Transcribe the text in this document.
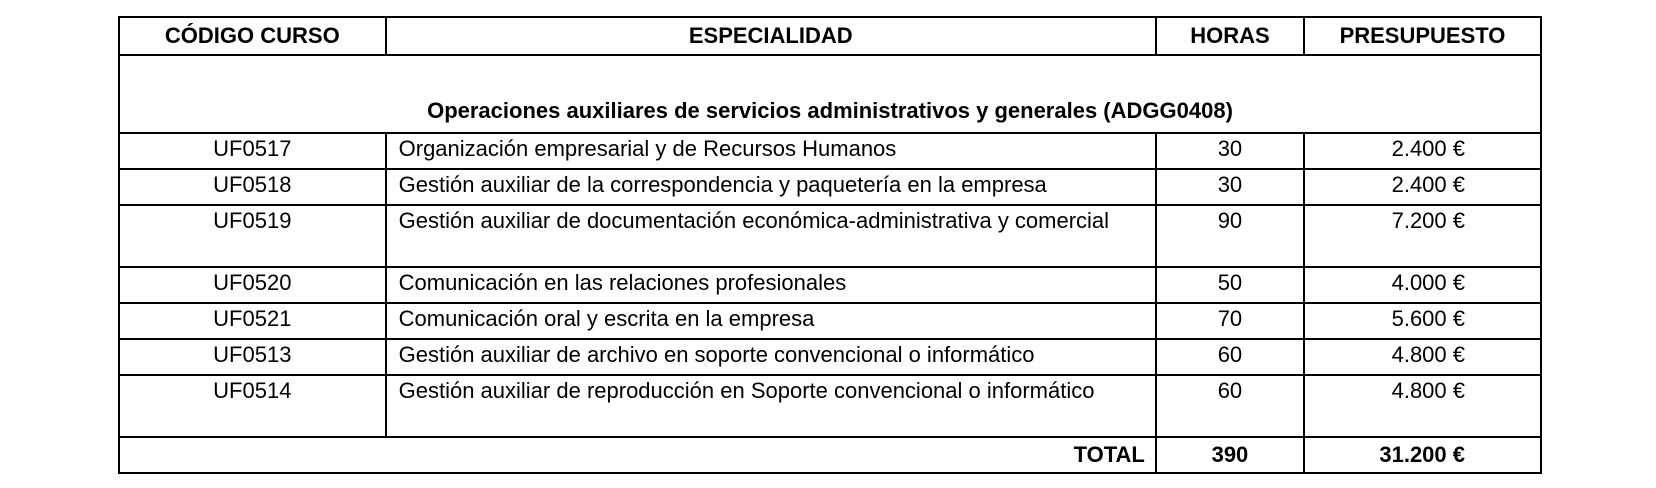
CÓDIGO CURSO	ESPECIALIDAD	HORAS	PRESUPUESTO
Operaciones auxiliares de servicios administrativos y generales (ADGG0408)			
UF0517	Organización empresarial y de Recursos Humanos	30	2.400 €
UF0518	Gestión auxiliar de la correspondencia y paquetería en la empresa	30	2.400 €
UF0519	Gestión auxiliar de documentación económica-administrativa y comercial	90	7.200 €
UF0520	Comunicación en las relaciones profesionales	50	4.000 €
UF0521	Comunicación oral y escrita en la empresa	70	5.600 €
UF0513	Gestión auxiliar de archivo en soporte convencional o informático	60	4.800 €
UF0514	Gestión auxiliar de reproducción en Soporte convencional o informático	60	4.800 €
TOTAL		390	31.200 €
